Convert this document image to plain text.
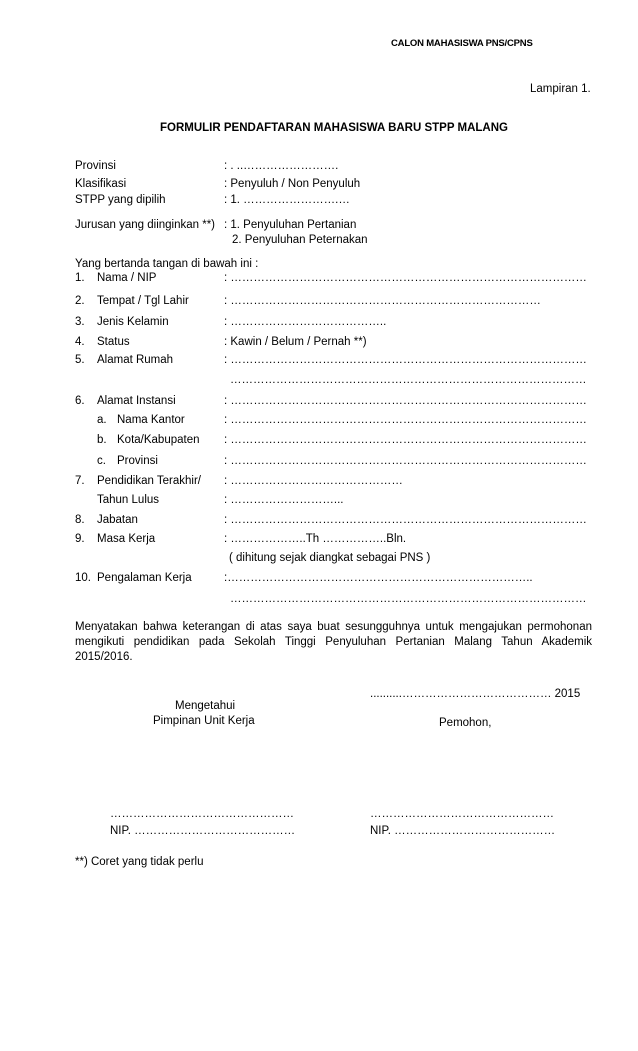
CALON MAHASISWA PNS/CPNS
Lampiran 1.
FORMULIR PENDAFTARAN MAHASISWA BARU STPP MALANG
Provinsi	: . ..…………………….
Klasifikasi	: Penyuluh / Non Penyuluh
STPP yang dipilih	: 1. …………………….…
Jurusan yang diinginkan **) : 1. Penyuluhan Pertanian
2. Penyuluhan Peternakan
Yang bertanda tangan di bawah ini :
1. Nama / NIP	: …………………………………………………………………………………
2. Tempat / Tgl Lahir	: ………………………………………………………………………
3. Jenis Kelamin	: …………………………………..
4. Status	: Kawin / Belum / Pernah **)
5. Alamat Rumah	: …………………………………………………………………………………
…………………………………………………………………………………
6. Alamat Instansi	: …………………………………………………………………………………
a. Nama Kantor	: …………………………………………………………………………………
b. Kota/Kabupaten : …………………………………………………………………………………
c. Provinsi	: …………………………………………………………………………………
7. Pendidikan Terakhir/ : ………………………………………
Tahun Lulus	: ………………………...
8. Jabatan	: …………………………………………………………………………………
9. Masa Kerja	: ………………..Th ……………..Bln.
( dihitung sejak diangkat sebagai PNS )
10. Pengalaman Kerja	:……………………………………………………………………..
…………………………………………………………………………………
Menyatakan bahwa keterangan di atas saya buat sesungguhnya untuk mengajukan permohonan mengikuti pendidikan pada Sekolah Tinggi Penyuluhan Pertanian Malang Tahun Akademik 2015/2016.
..........………………………………… 2015
Mengetahui
Pimpinan Unit Kerja	Pemohon,
…………………………………………	…………………………………………
NIP. ……………………………………	NIP. ……………………………………
**) Coret yang tidak perlu
